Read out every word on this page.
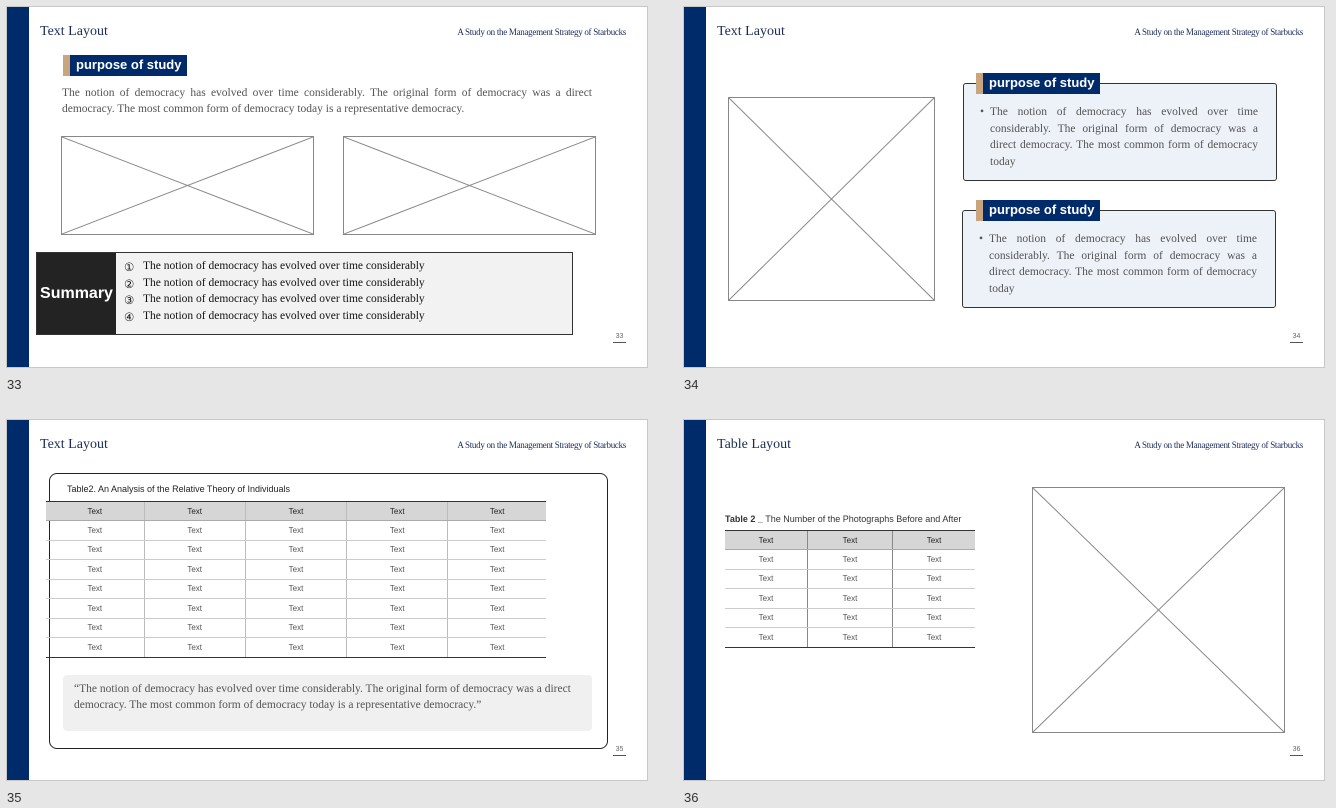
Text Layout	A Study on the Management Strategy of Starbucks
purpose of study
The notion of democracy has evolved over time considerably. The original form of democracy was a direct democracy. The most common form of democracy today is a representative democracy.
Summary
① The notion of democracy has evolved over time considerably
② The notion of democracy has evolved over time considerably
③ The notion of democracy has evolved over time considerably
④ The notion of democracy has evolved over time considerably
33
33
Text Layout	A Study on the Management Strategy of Starbucks
• The notion of democracy has evolved over time considerably. The original form of democracy was a direct democracy. The most common form of democracy today
purpose of study
• The notion of democracy has evolved over time considerably. The original form of democracy was a direct democracy. The most common form of democracy today
purpose of study
34
34
Text Layout	A Study on the Management Strategy of Starbucks
Table2. An Analysis of the Relative Theory of Individuals
Text	Text	Text	Text	Text
Text	Text	Text	Text	Text
Text	Text	Text	Text	Text
Text	Text	Text	Text	Text
Text	Text	Text	Text	Text
Text	Text	Text	Text	Text
Text	Text	Text	Text	Text
Text	Text	Text	Text	Text
“The notion of democracy has evolved over time considerably. The original form of democracy was a direct democracy. The most common form of democracy today is a representative democracy.”
35
35
Table Layout	A Study on the Management Strategy of Starbucks
Table 2 _ The Number of the Photographs Before and After
Text	Text	Text
Text	Text	Text
Text	Text	Text
Text	Text	Text
Text	Text	Text
Text	Text	Text
36
36
